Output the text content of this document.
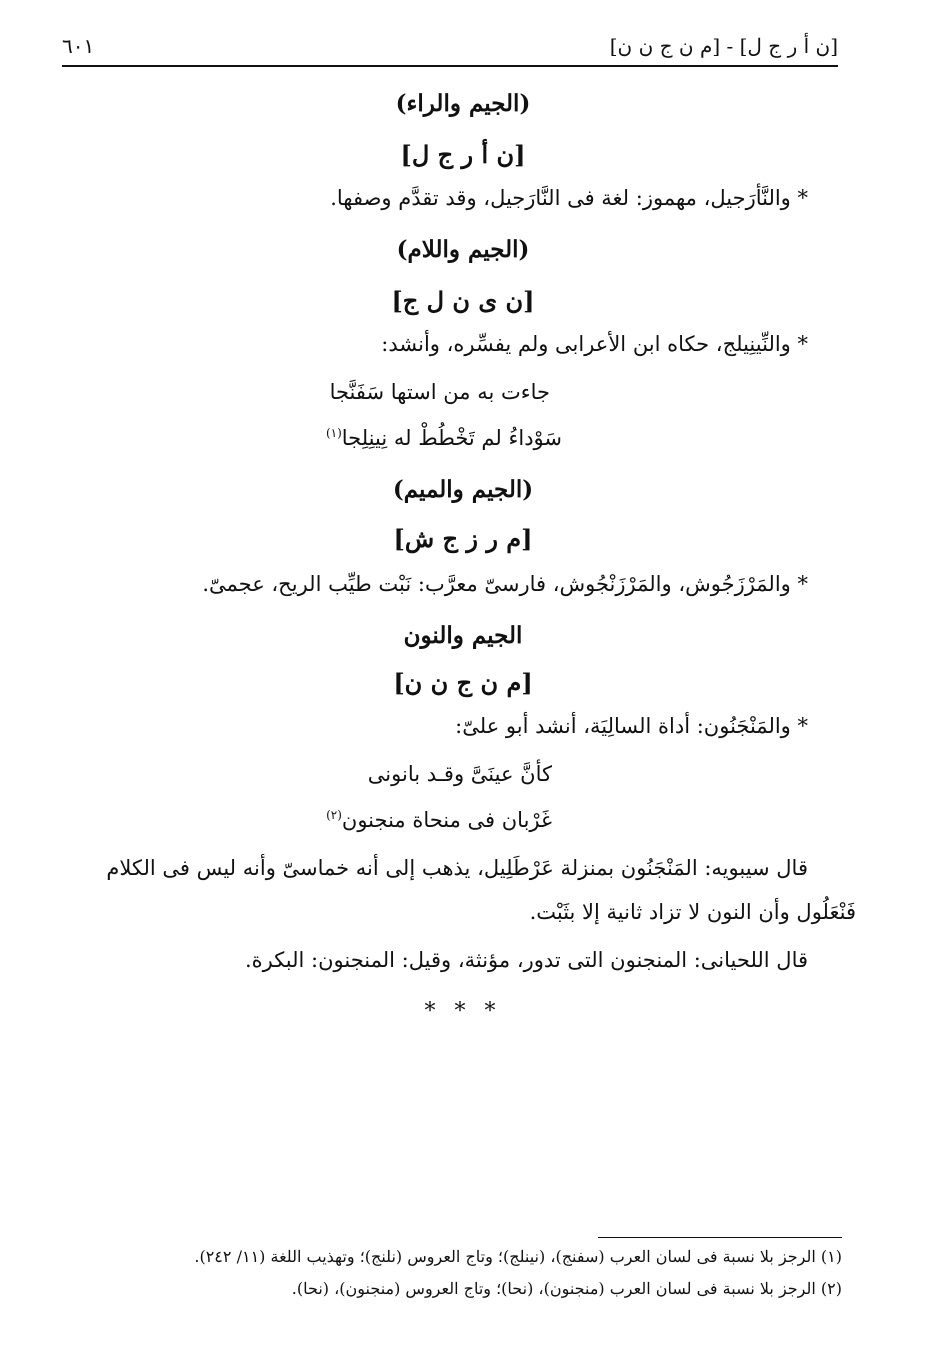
[ن أ ر ج ل] - [م ن ج ن ن]
٦٠١
(الجيم والراء)
[ن أ ر ج ل]
* والنَّأرَجيل، مهموز: لغة فى النَّارَجيل، وقد تقدَّم وصفها.
(الجيم واللام)
[ن ى ن ل ج]
* والنِّينِيلج، حكاه ابن الأعرابى ولم يفسِّره، وأنشد:
جاءت به من استها سَفَنَّجا
سَوْداءُ لم تَخْطُطْ له نِينِلِجا$^{(١)}$
(الجيم والميم)
[م ر ز ج ش]
* والمَرْزَجُوش، والمَرْزَنْجُوش، فارسىّ معرَّب: نَبْت طيِّب الريح، عجمىّ.
الجيم والنون
[م ن ج ن ن]
* والمَنْجَنُون: أداة السالِيَة، أنشد أبو علىّ:
كأنَّ عينَىَّ وقـد بانونى
غَرْبان فى منحاة منجنون$^{(٢)}$
قال سيبويه: المَنْجَنُون بمنزلة عَرْطَلِيل، يذهب إلى أنه خماسىّ وأنه ليس فى الكلام
فَنْعَلُول وأن النون لا تزاد ثانية إلا بثَبْت.
قال اللحيانى: المنجنون التى تدور، مؤنثة، وقيل: المنجنون: البكرة.
* * *
(١) الرجز بلا نسبة فى لسان العرب (سفنج)، (نينلج)؛ وتاج العروس (نلنج)؛ وتهذيب اللغة (١١/ ٢٤٢).
(٢) الرجز بلا نسبة فى لسان العرب (منجنون)، (نحا)؛ وتاج العروس (منجنون)، (نحا).
